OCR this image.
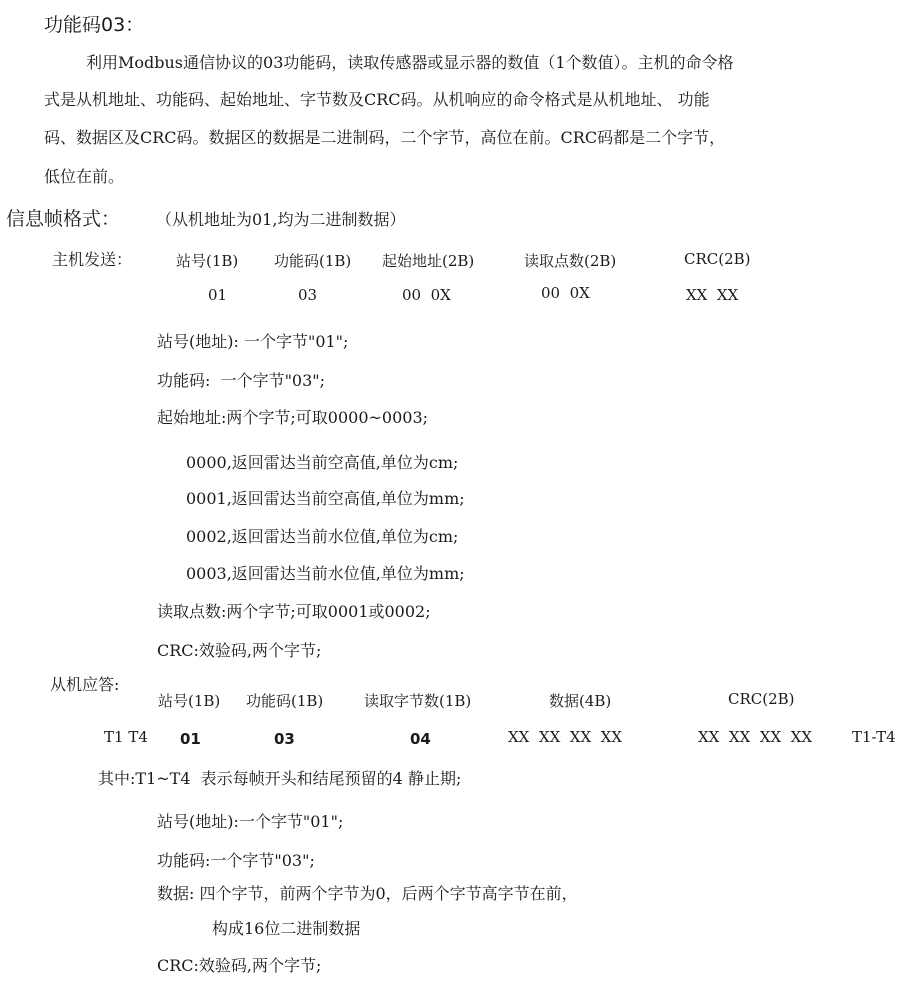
功能码03：
利用Modbus通信协议的03功能码，读取传感器或显示器的数值（1个数值）。主机的命令格
式是从机地址、功能码、起始地址、字节数及CRC码。从机响应的命令格式是从机地址、 功能
码、数据区及CRC码。数据区的数据是二进制码，二个字节，高位在前。CRC码都是二个字节，
低位在前。
信息帧格式： （从机地址为01,均为二进制数据）
主机发送：	站号(1B) 功能码(1B) 起始地址(2B)	读取点数(2B)	CRC(2B)
01	03	00  0X	00  0X	XX  XX
站号(地址): 一个字节"01";
功能码:  一个字节"03";
起始地址:两个字节;可取0000~0003;
0000,返回雷达当前空高值,单位为cm;
0001,返回雷达当前空高值,单位为mm;
0002,返回雷达当前水位值,单位为cm;
0003,返回雷达当前水位值,单位为mm;
读取点数:两个字节;可取0001或0002;
CRC:效验码,两个字节;
从机应答:
站号(1B) 功能码(1B)	读取字节数(1B)	数据(4B)	CRC(2B)
T1 T4 01	03	04	XX  XX  XX  XX	XX  XX  XX  XX	T1-T4
其中:T1~T4  表示每帧开头和结尾预留的4 静止期;
站号(地址):一个字节"01";
功能码:一个字节"03";
数据: 四个字节，前两个字节为0，后两个字节高字节在前，
构成16位二进制数据
CRC:效验码,两个字节;
